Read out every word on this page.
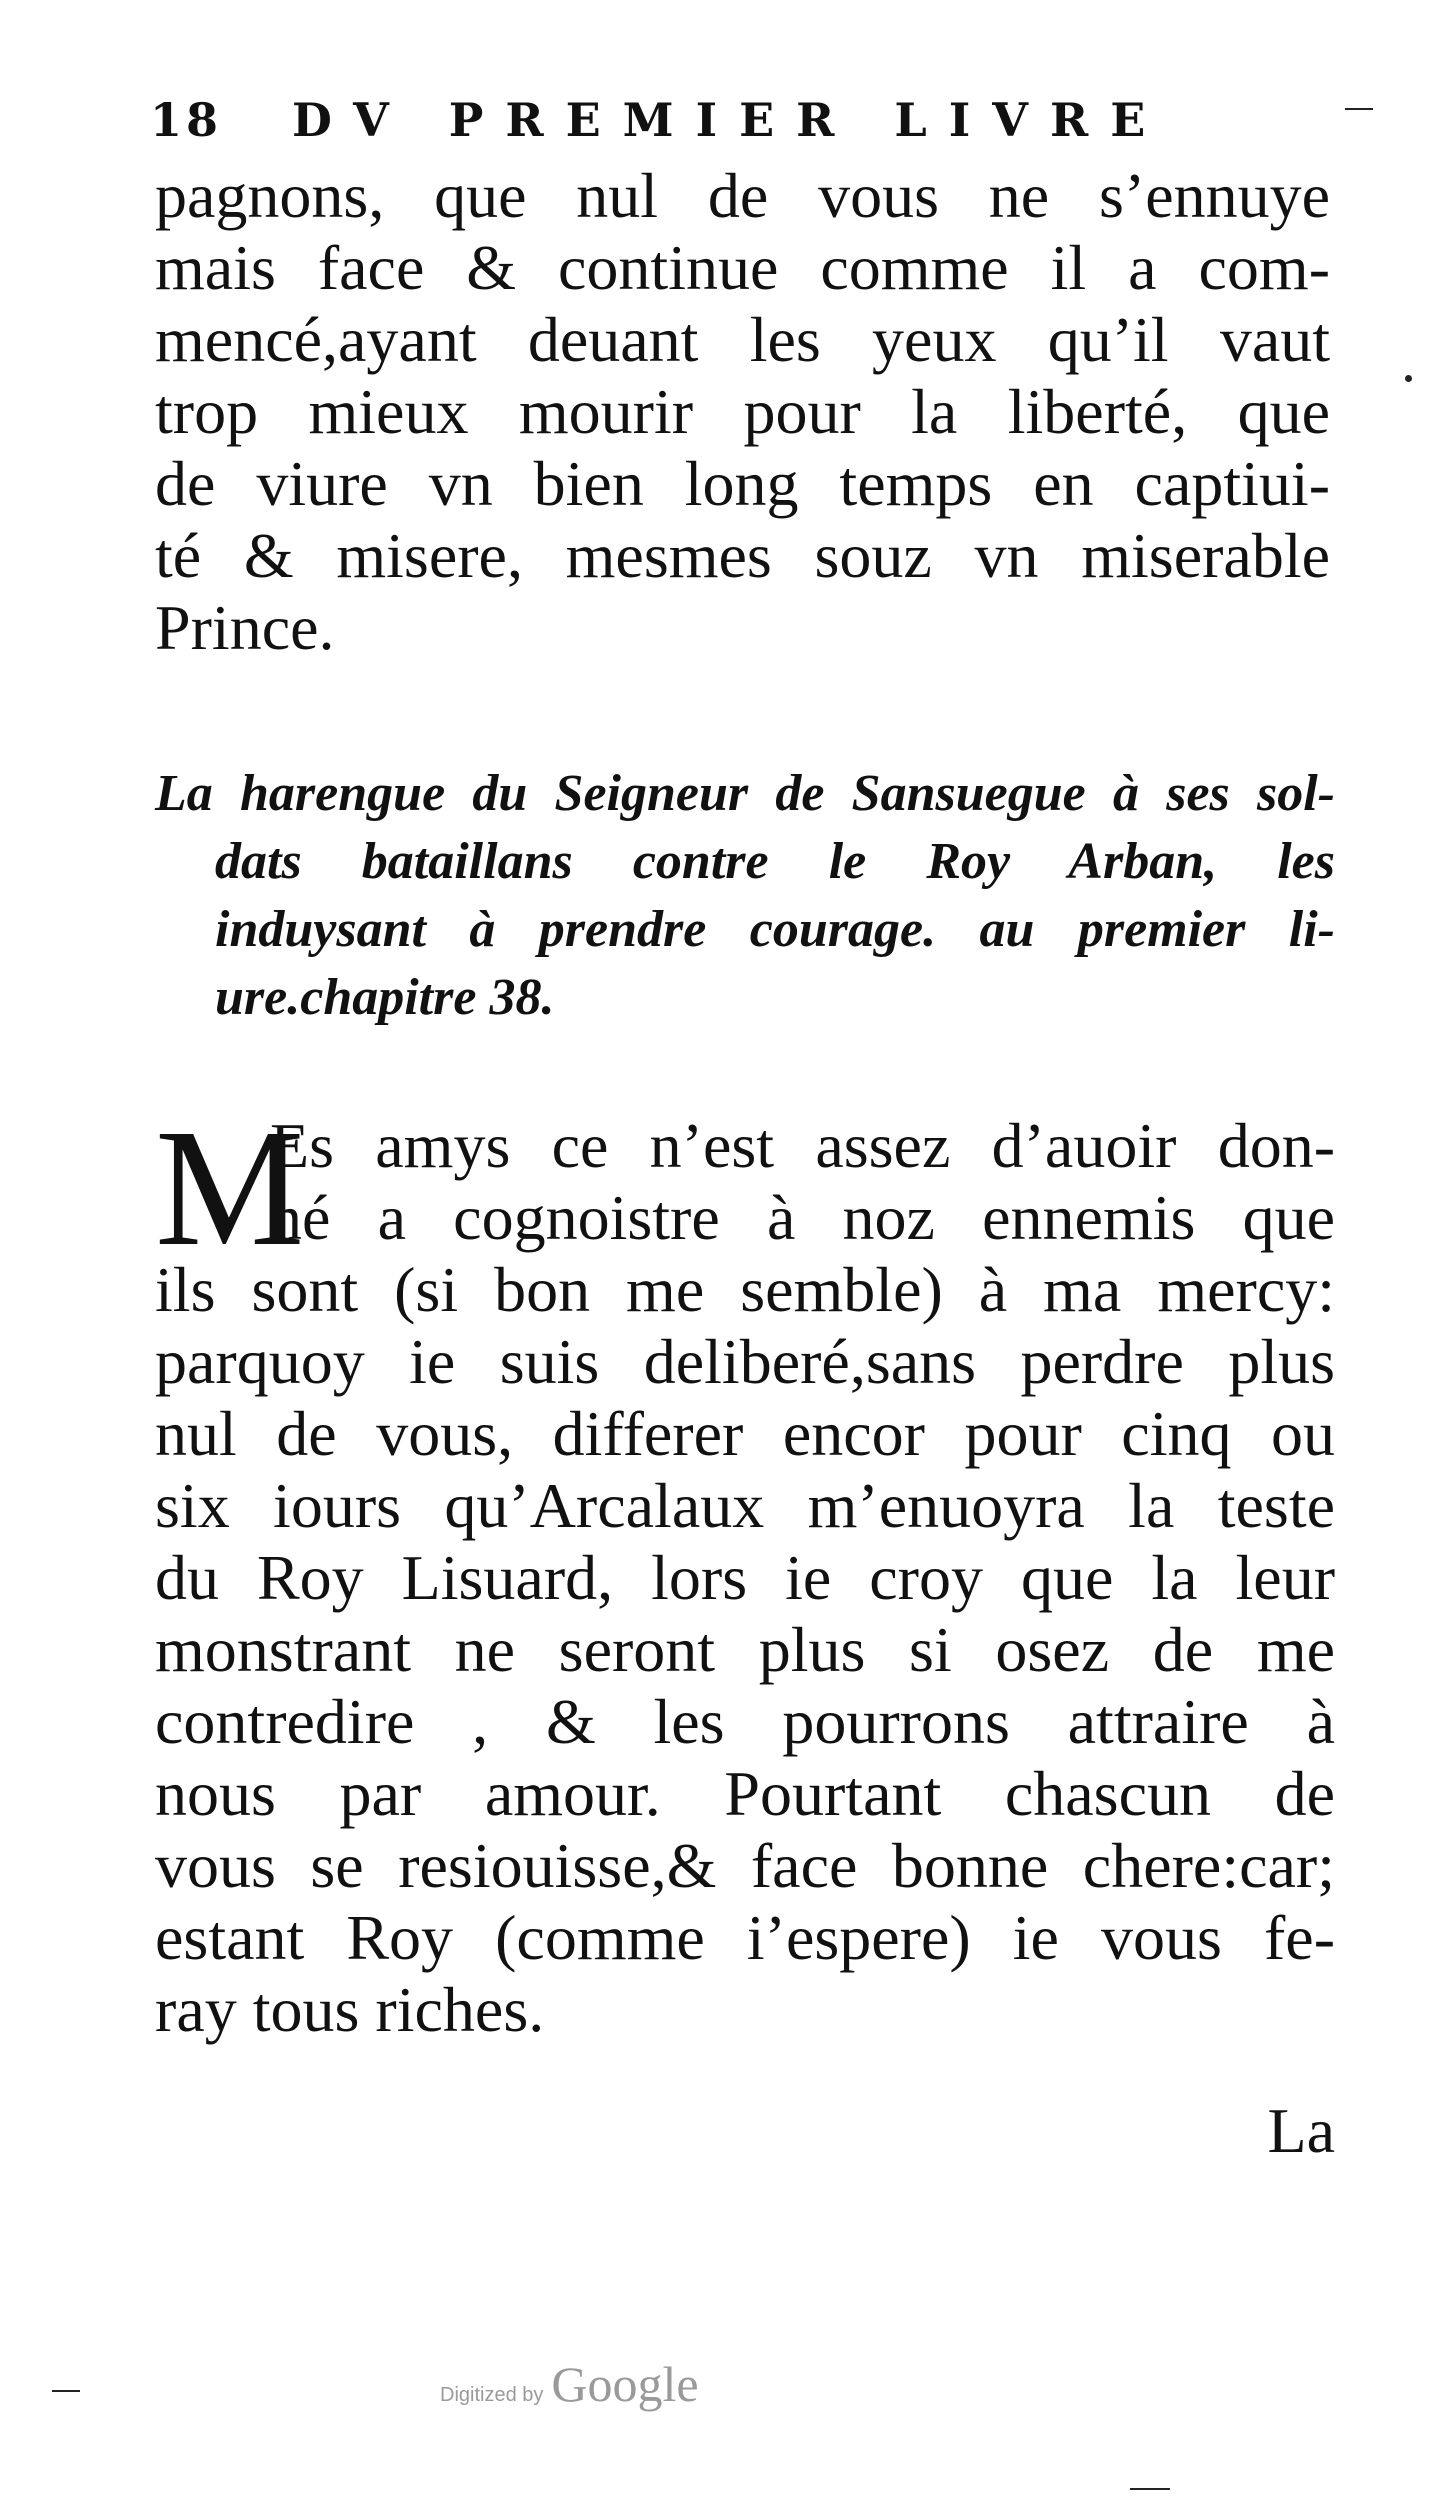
18 DV PREMIER LIVRE
pagnons, que nul de vous ne s’ennuye
mais face & continue comme il a com-
mencé,ayant deuant les yeux qu’il vaut
trop mieux mourir pour la liberté, que
de viure vn bien long temps en captiui-
té & misere, mesmes souz vn miserable
Prince.
La harengue du Seigneur de Sansuegue à ses sol-
dats bataillans contre le Roy Arban, les
induysant à prendre courage. au premier li-
ure.chapitre 38.
M
Es amys ce n’est assez d’auoir don-
né a cognoistre à noz ennemis que
ils sont (si bon me semble) à ma mercy:
parquoy ie suis deliberé,sans perdre plus
nul de vous, differer encor pour cinq ou
six iours qu’Arcalaux m’enuoyra la teste
du Roy Lisuard, lors ie croy que la leur
monstrant ne seront plus si osez de me
contredire , & les pourrons attraire à
nous par amour. Pourtant chascun de
vous se resiouisse,& face bonne chere:car;
estant Roy (comme i’espere) ie vous fe-
ray tous riches.
La
Digitized by Google
